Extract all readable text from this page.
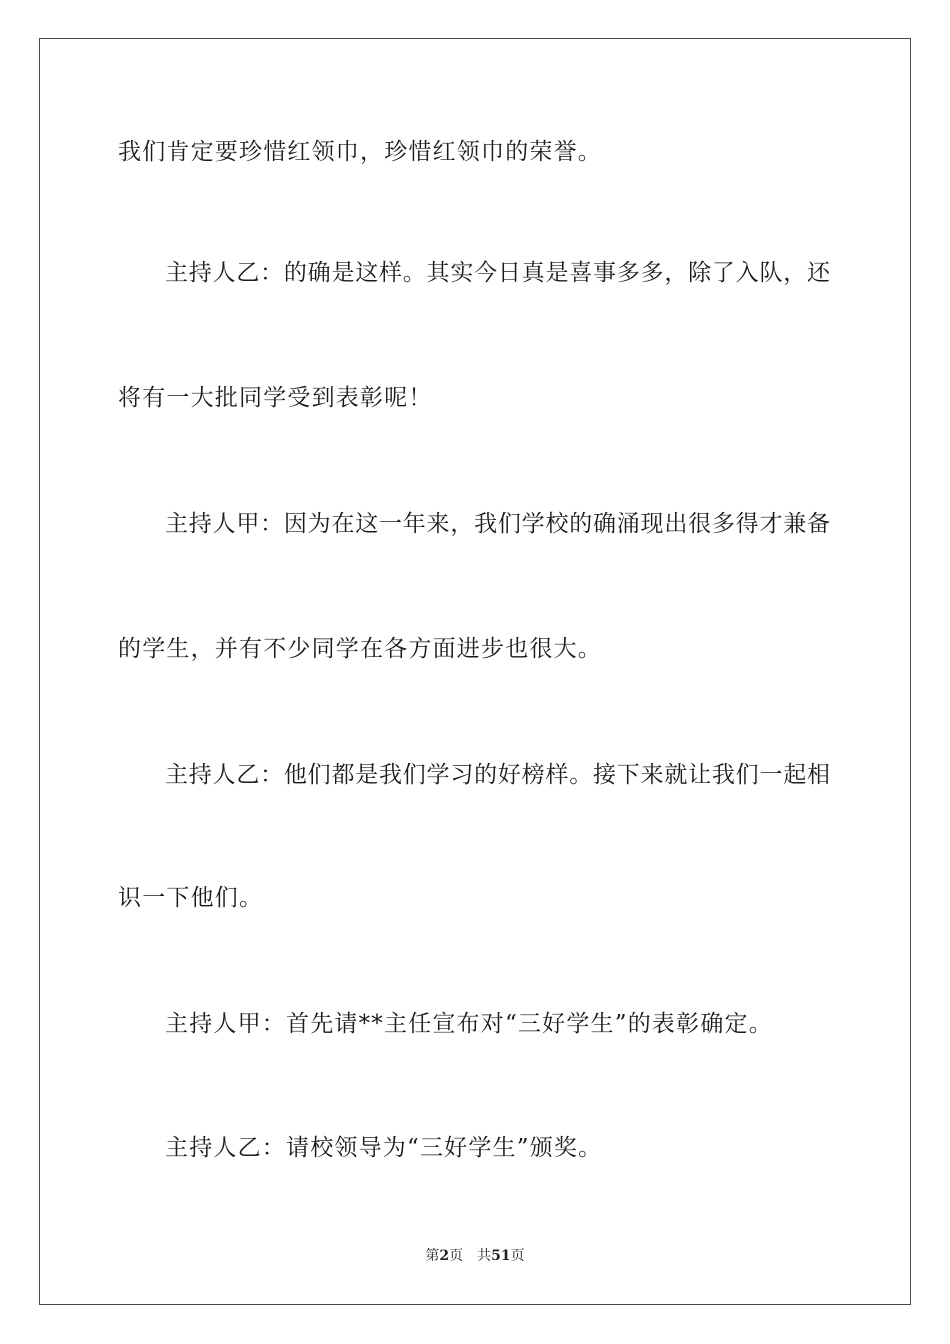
我们肯定要珍惜红领巾，珍惜红领巾的荣誉。
主持人乙：的确是这样。其实今日真是喜事多多，除了入队，还
将有一大批同学受到表彰呢！
主持人甲：因为在这一年来，我们学校的确涌现出很多得才兼备
的学生，并有不少同学在各方面进步也很大。
主持人乙：他们都是我们学习的好榜样。接下来就让我们一起相
识一下他们。
主持人甲：首先请**主任宣布对“三好学生”的表彰确定。
主持人乙：请校领导为“三好学生”颁奖。
第2页 共51页
